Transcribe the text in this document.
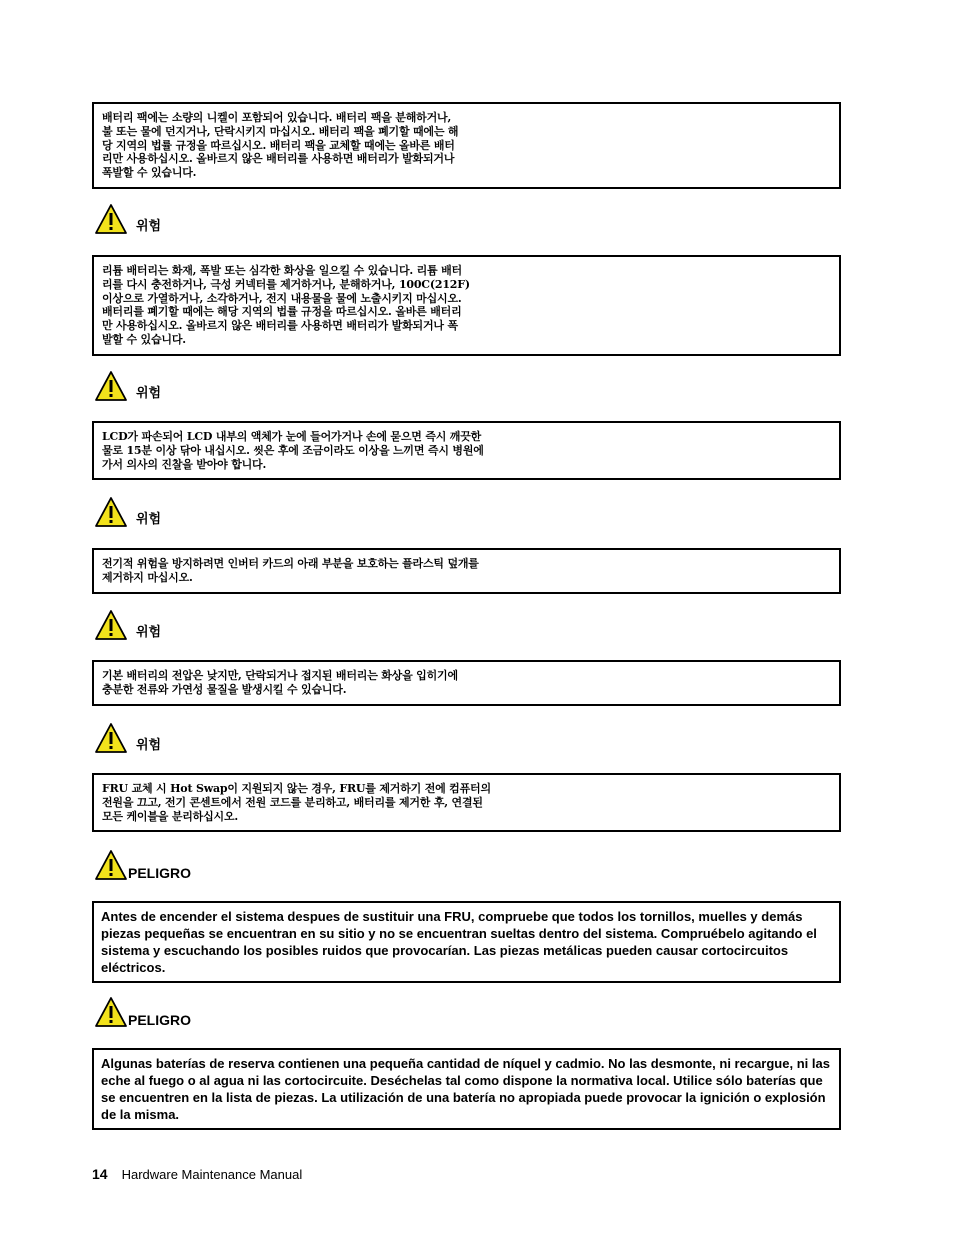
배터리 팩에는 소량의 니켈이 포함되어 있습니다. 배터리 팩을 분해하거나,
불 또는 물에 던지거나, 단락시키지 마십시오. 배터리 팩을 폐기할 때에는 해
당 지역의 법률 규정을 따르십시오. 배터리 팩을 교체할 때에는 올바른 배터
리만 사용하십시오. 올바르지 않은 배터리를 사용하면 배터리가 발화되거나
폭발할 수 있습니다.
위험
리튬 배터리는 화재, 폭발 또는 심각한 화상을 일으킬 수 있습니다. 리튬 배터
리를 다시 충전하거나, 극성 커넥터를 제거하거나, 분해하거나, 100C(212F)
이상으로 가열하거나, 소각하거나, 전지 내용물을 물에 노출시키지 마십시오.
배터리를 폐기할 때에는 해당 지역의 법률 규정을 따르십시오. 올바른 배터리
만 사용하십시오. 올바르지 않은 배터리를 사용하면 배터리가 발화되거나 폭
발할 수 있습니다.
위험
LCD가 파손되어 LCD 내부의 액체가 눈에 들어가거나 손에 묻으면 즉시 깨끗한
물로 15분 이상 닦아 내십시오. 씻은 후에 조금이라도 이상을 느끼면 즉시 병원에
가서 의사의 진찰을 받아야 합니다.
위험
전기적 위험을 방지하려면 인버터 카드의 아래 부분을 보호하는 플라스틱 덮개를
제거하지 마십시오.
위험
기본 배터리의 전압은 낮지만, 단락되거나 접지된 배터리는 화상을 입히기에
충분한 전류와 가연성 물질을 발생시킬 수 있습니다.
위험
FRU 교체 시 Hot Swap이 지원되지 않는 경우, FRU를 제거하기 전에 컴퓨터의
전원을 끄고, 전기 콘센트에서 전원 코드를 분리하고, 배터리를 제거한 후, 연결된
모든 케이블을 분리하십시오.
PELIGRO
Antes de encender el sistema despues de sustituir una FRU, compruebe que todos los tornillos, muelles y demás piezas pequeñas se encuentran en su sitio y no se encuentran sueltas dentro del sistema. Compruébelo agitando el sistema y escuchando los posibles ruidos que provocarían. Las piezas metálicas pueden causar cortocircuitos eléctricos.
PELIGRO
Algunas baterías de reserva contienen una pequeña cantidad de níquel y cadmio. No las desmonte, ni recargue, ni las eche al fuego o al agua ni las cortocircuite. Deséchelas tal como dispone la normativa local. Utilice sólo baterías que se encuentren en la lista de piezas. La utilización de una batería no apropiada puede provocar la ignición o explosión de la misma.
14 Hardware Maintenance Manual
